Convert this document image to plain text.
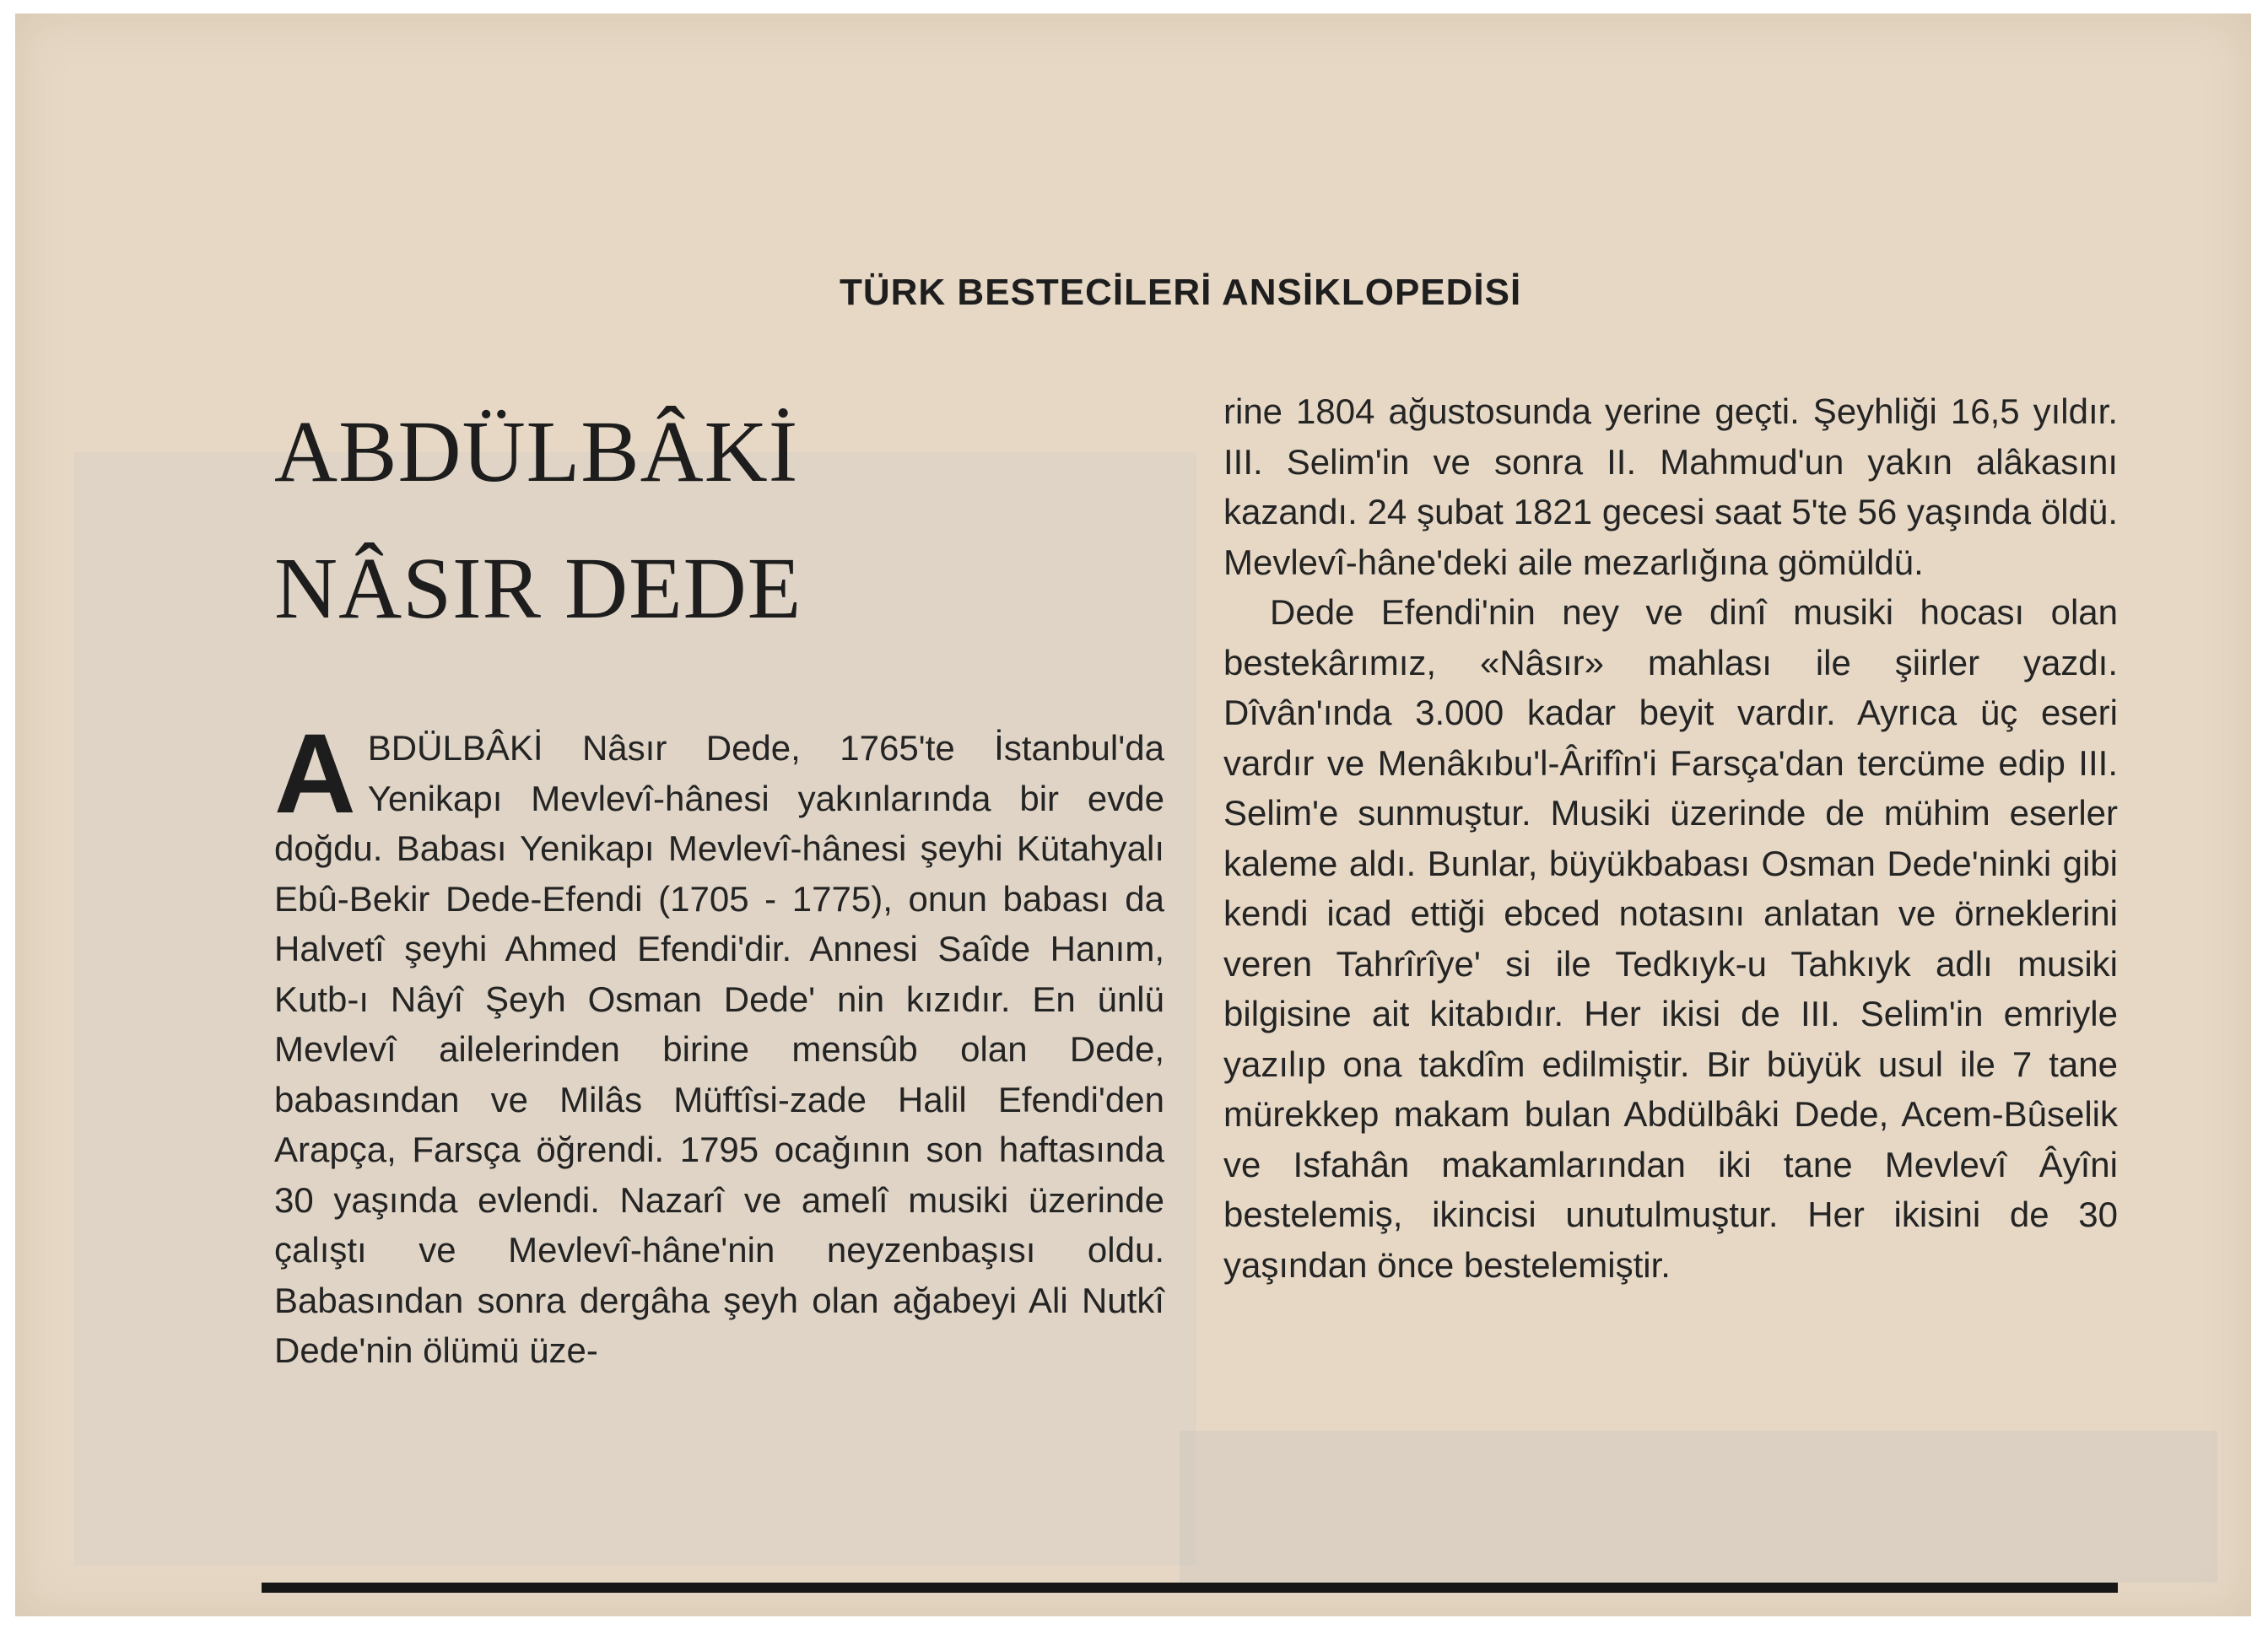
TÜRK BESTECİLERİ ANSİKLOPEDİSİ
ABDÜLBÂKİ
NÂSIR DEDE
A BDÜLBÂKİ Nâsır Dede, 1765'te İstanbul'da Yenikapı Mevlevî-hânesi yakınlarında bir evde doğdu. Babası Yenikapı Mevlevî-hânesi şeyhi Kütahyalı Ebû-Bekir Dede-Efendi (1705 - 1775), onun babası da Halvetî şeyhi Ahmed Efendi'dir. Annesi Saîde Hanım, Kutb-ı Nâyî Şeyh Osman Dede' nin kızıdır. En ünlü Mevlevî ailelerinden birine mensûb olan Dede, babasından ve Milâs Müftîsi-zade Halil Efendi'den Arapça, Farsça öğrendi. 1795 ocağının son haftasında 30 yaşında evlendi. Nazarî ve amelî musiki üzerinde çalıştı ve Mevlevî-hâne'nin neyzenbaşısı oldu. Babasından sonra dergâha şeyh olan ağabeyi Ali Nutkî Dede'nin ölümü üze-

rine 1804 ağustosunda yerine geçti. Şeyhliği 16,5 yıldır. III. Selim'in ve sonra II. Mahmud'un yakın alâkasını kazandı. 24 şubat 1821 gecesi saat 5'te 56 yaşında öldü. Mevlevî-hâne'deki aile mezarlığına gömüldü.

Dede Efendi'nin ney ve dinî musiki hocası olan bestekârımız, «Nâsır» mahlası ile şiirler yazdı. Dîvân'ında 3.000 kadar beyit vardır. Ayrıca üç eseri vardır ve Menâkıbu'l-Ârifîn'i Farsça'dan tercüme edip III. Selim'e sunmuştur. Musiki üzerinde de mühim eserler kaleme aldı. Bunlar, büyükbabası Osman Dede'ninki gibi kendi icad ettiği ebced notasını anlatan ve örneklerini veren Tahrîrîye' si ile Tedkıyk-u Tahkıyk adlı musiki bilgisine ait kitabıdır. Her ikisi de III. Selim'in emriyle yazılıp ona takdîm edilmiştir. Bir büyük usul ile 7 tane mürekkep makam bulan Abdülbâki Dede, Acem-Bûselik ve Isfahân makamlarından iki tane Mevlevî Âyîni bestelemiş, ikincisi unutulmuştur. Her ikisini de 30 yaşından önce bestelemiştir.
